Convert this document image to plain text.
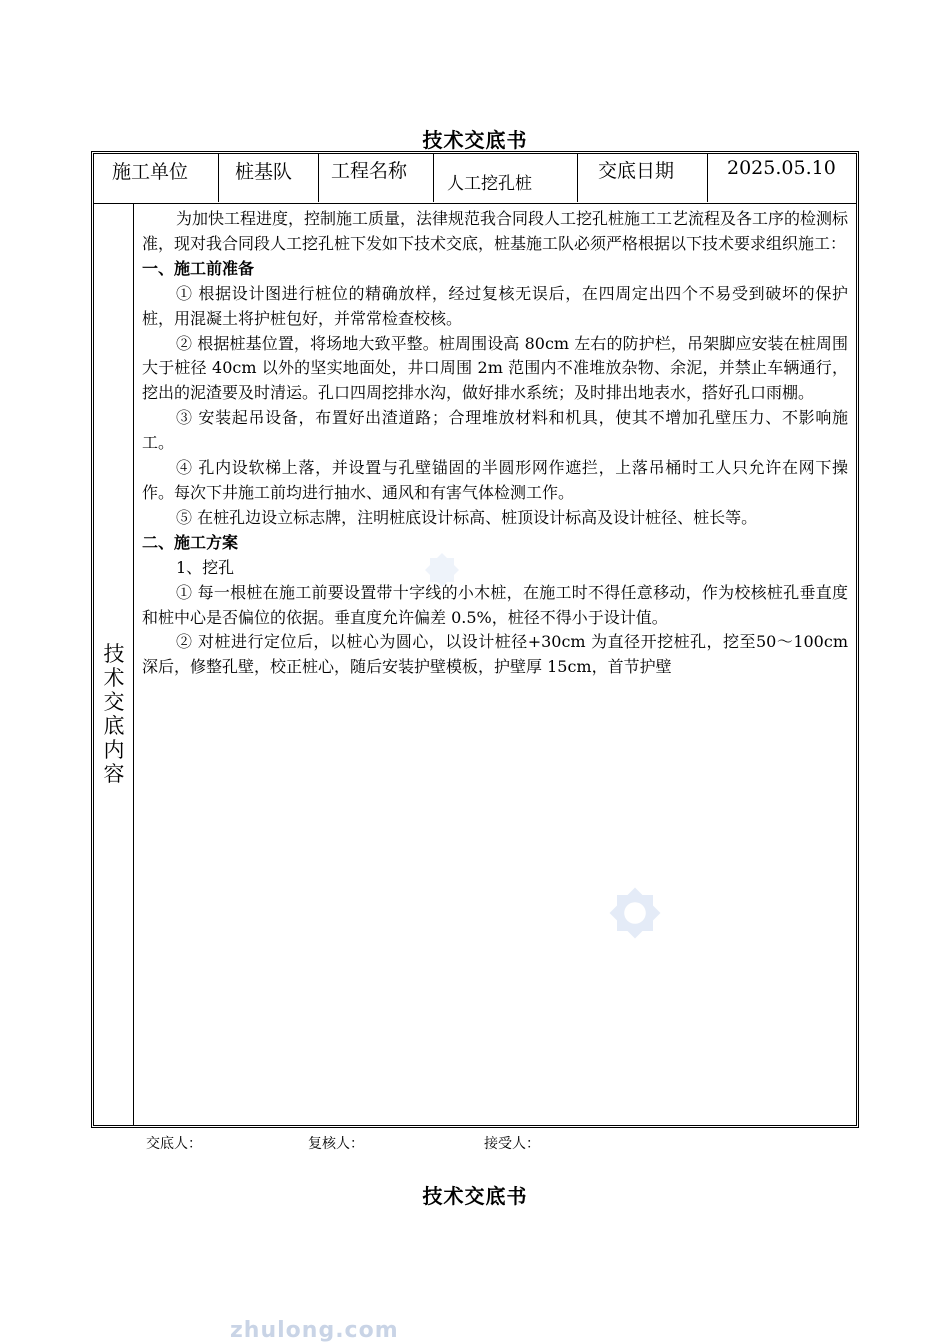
技术交底书
施工单位 桩基队 工程名称
人工挖孔桩
交底日期	2025.05.10
技
术
交
底
内
容

为加快工程进度，控制施工质量，法律规范我合同段人工挖孔桩施工工艺流程及各工序的检测标准，现对我合同段人工挖孔桩下发如下技术交底，桩基施工队必须严格根据以下技术要求组织施工：

一、施工前准备

① 根据设计图进行桩位的精确放样，经过复核无误后，在四周定出四个不易受到破坏的保护桩，用混凝土将护桩包好，并常常检查校核。

② 根据桩基位置，将场地大致平整。桩周围设高 80cm 左右的防护栏，吊架脚应安装在桩周围大于桩径 40cm 以外的坚实地面处，井口周围 2m 范围内不准堆放杂物、余泥，并禁止车辆通行，挖出的泥渣要及时清运。孔口四周挖排水沟，做好排水系统；及时排出地表水，搭好孔口雨棚。

③ 安装起吊设备，布置好出渣道路；合理堆放材料和机具，使其不增加孔壁压力、不影响施工。

④ 孔内设软梯上落，并设置与孔壁锚固的半圆形网作遮拦，上落吊桶时工人只允许在网下操作。每次下井施工前均进行抽水、通风和有害气体检测工作。

⑤ 在桩孔边设立标志牌，注明桩底设计标高、桩顶设计标高及设计桩径、桩长等。

二、施工方案

1、挖孔

① 每一根桩在施工前要设置带十字线的小木桩，在施工时不得任意移动，作为校核桩孔垂直度和桩中心是否偏位的依据。垂直度允许偏差 0.5%，桩径不得小于设计值。

② 对桩进行定位后，以桩心为圆心，以设计桩径+30cm 为直径开挖桩孔，挖至50～100cm 深后，修整孔壁，校正桩心，随后安装护壁模板，护壁厚 15cm，首节护壁

交底人：	复核人：	接受人：
技术交底书
zhulong.com
